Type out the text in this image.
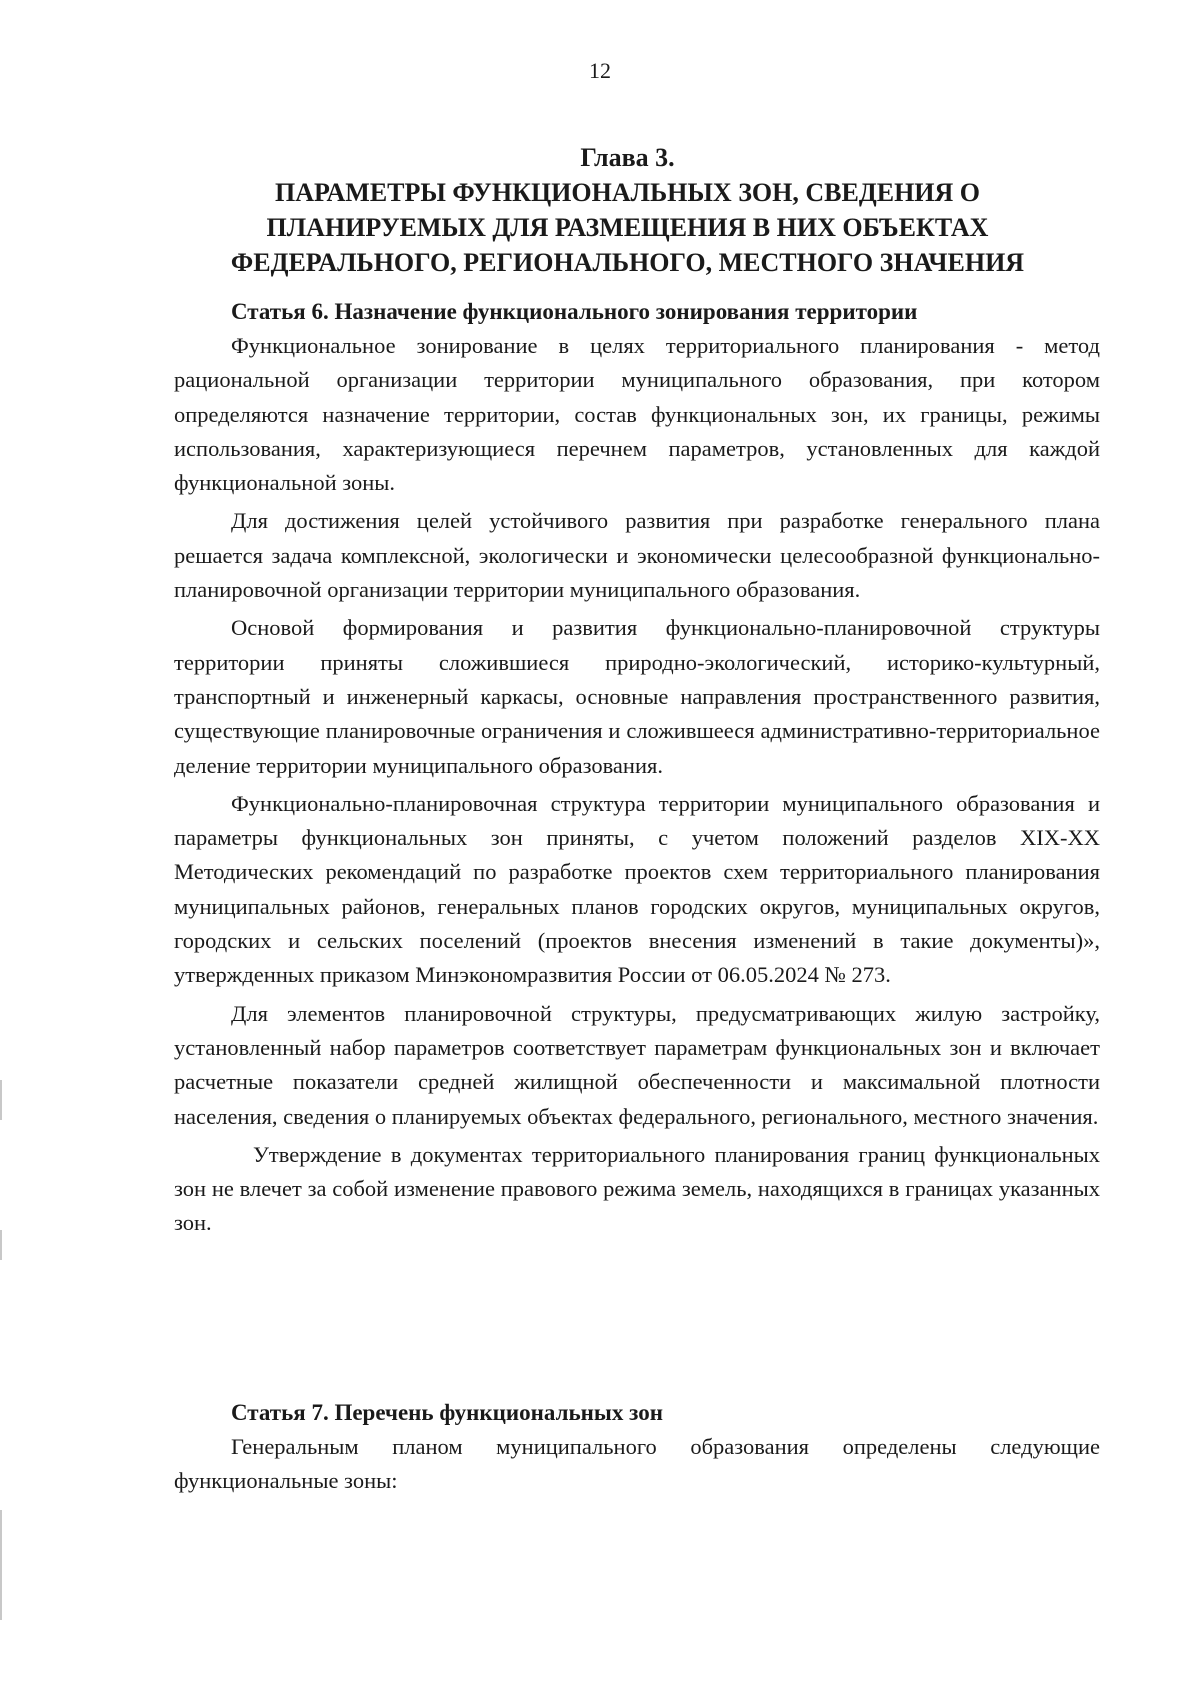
12
Глава 3.
ПАРАМЕТРЫ ФУНКЦИОНАЛЬНЫХ ЗОН, СВЕДЕНИЯ О
ПЛАНИРУЕМЫХ ДЛЯ РАЗМЕЩЕНИЯ В НИХ ОБЪЕКТАХ
ФЕДЕРАЛЬНОГО, РЕГИОНАЛЬНОГО, МЕСТНОГО ЗНАЧЕНИЯ
Статья 6. Назначение функционального зонирования территории

Функциональное зонирование в целях территориального планирования - метод рациональной организации территории муниципального образования, при котором определяются назначение территории, состав функциональных зон, их границы, режимы использования, характеризующиеся перечнем параметров, установленных для каждой функциональной зоны.

Для достижения целей устойчивого развития при разработке генерального плана решается задача комплексной, экологически и экономически целесообразной функционально-планировочной организации территории муниципального образования.

Основой формирования и развития функционально-планировочной структуры территории приняты сложившиеся природно-экологический, историко-культурный, транспортный и инженерный каркасы, основные направления пространственного развития, существующие планировочные ограничения и сложившееся административно-территориальное деление территории муниципального образования.

Функционально-планировочная структура территории муниципального образования и параметры функциональных зон приняты, с учетом положений разделов XIX-XX Методических рекомендаций по разработке проектов схем территориального планирования муниципальных районов, генеральных планов городских округов, муниципальных округов, городских и сельских поселений (проектов внесения изменений в такие документы)», утвержденных приказом Минэкономразвития России от 06.05.2024 № 273.

Для элементов планировочной структуры, предусматривающих жилую застройку, установленный набор параметров соответствует параметрам функциональных зон и включает расчетные показатели средней жилищной обеспеченности и максимальной плотности населения, сведения о планируемых объектах федерального, регионального, местного значения.

Утверждение в документах территориального планирования границ функциональных зон не влечет за собой изменение правового режима земель, находящихся в границах указанных зон.

Статья 7. Перечень функциональных зон

Генеральным планом муниципального образования определены следующие функциональные зоны:
